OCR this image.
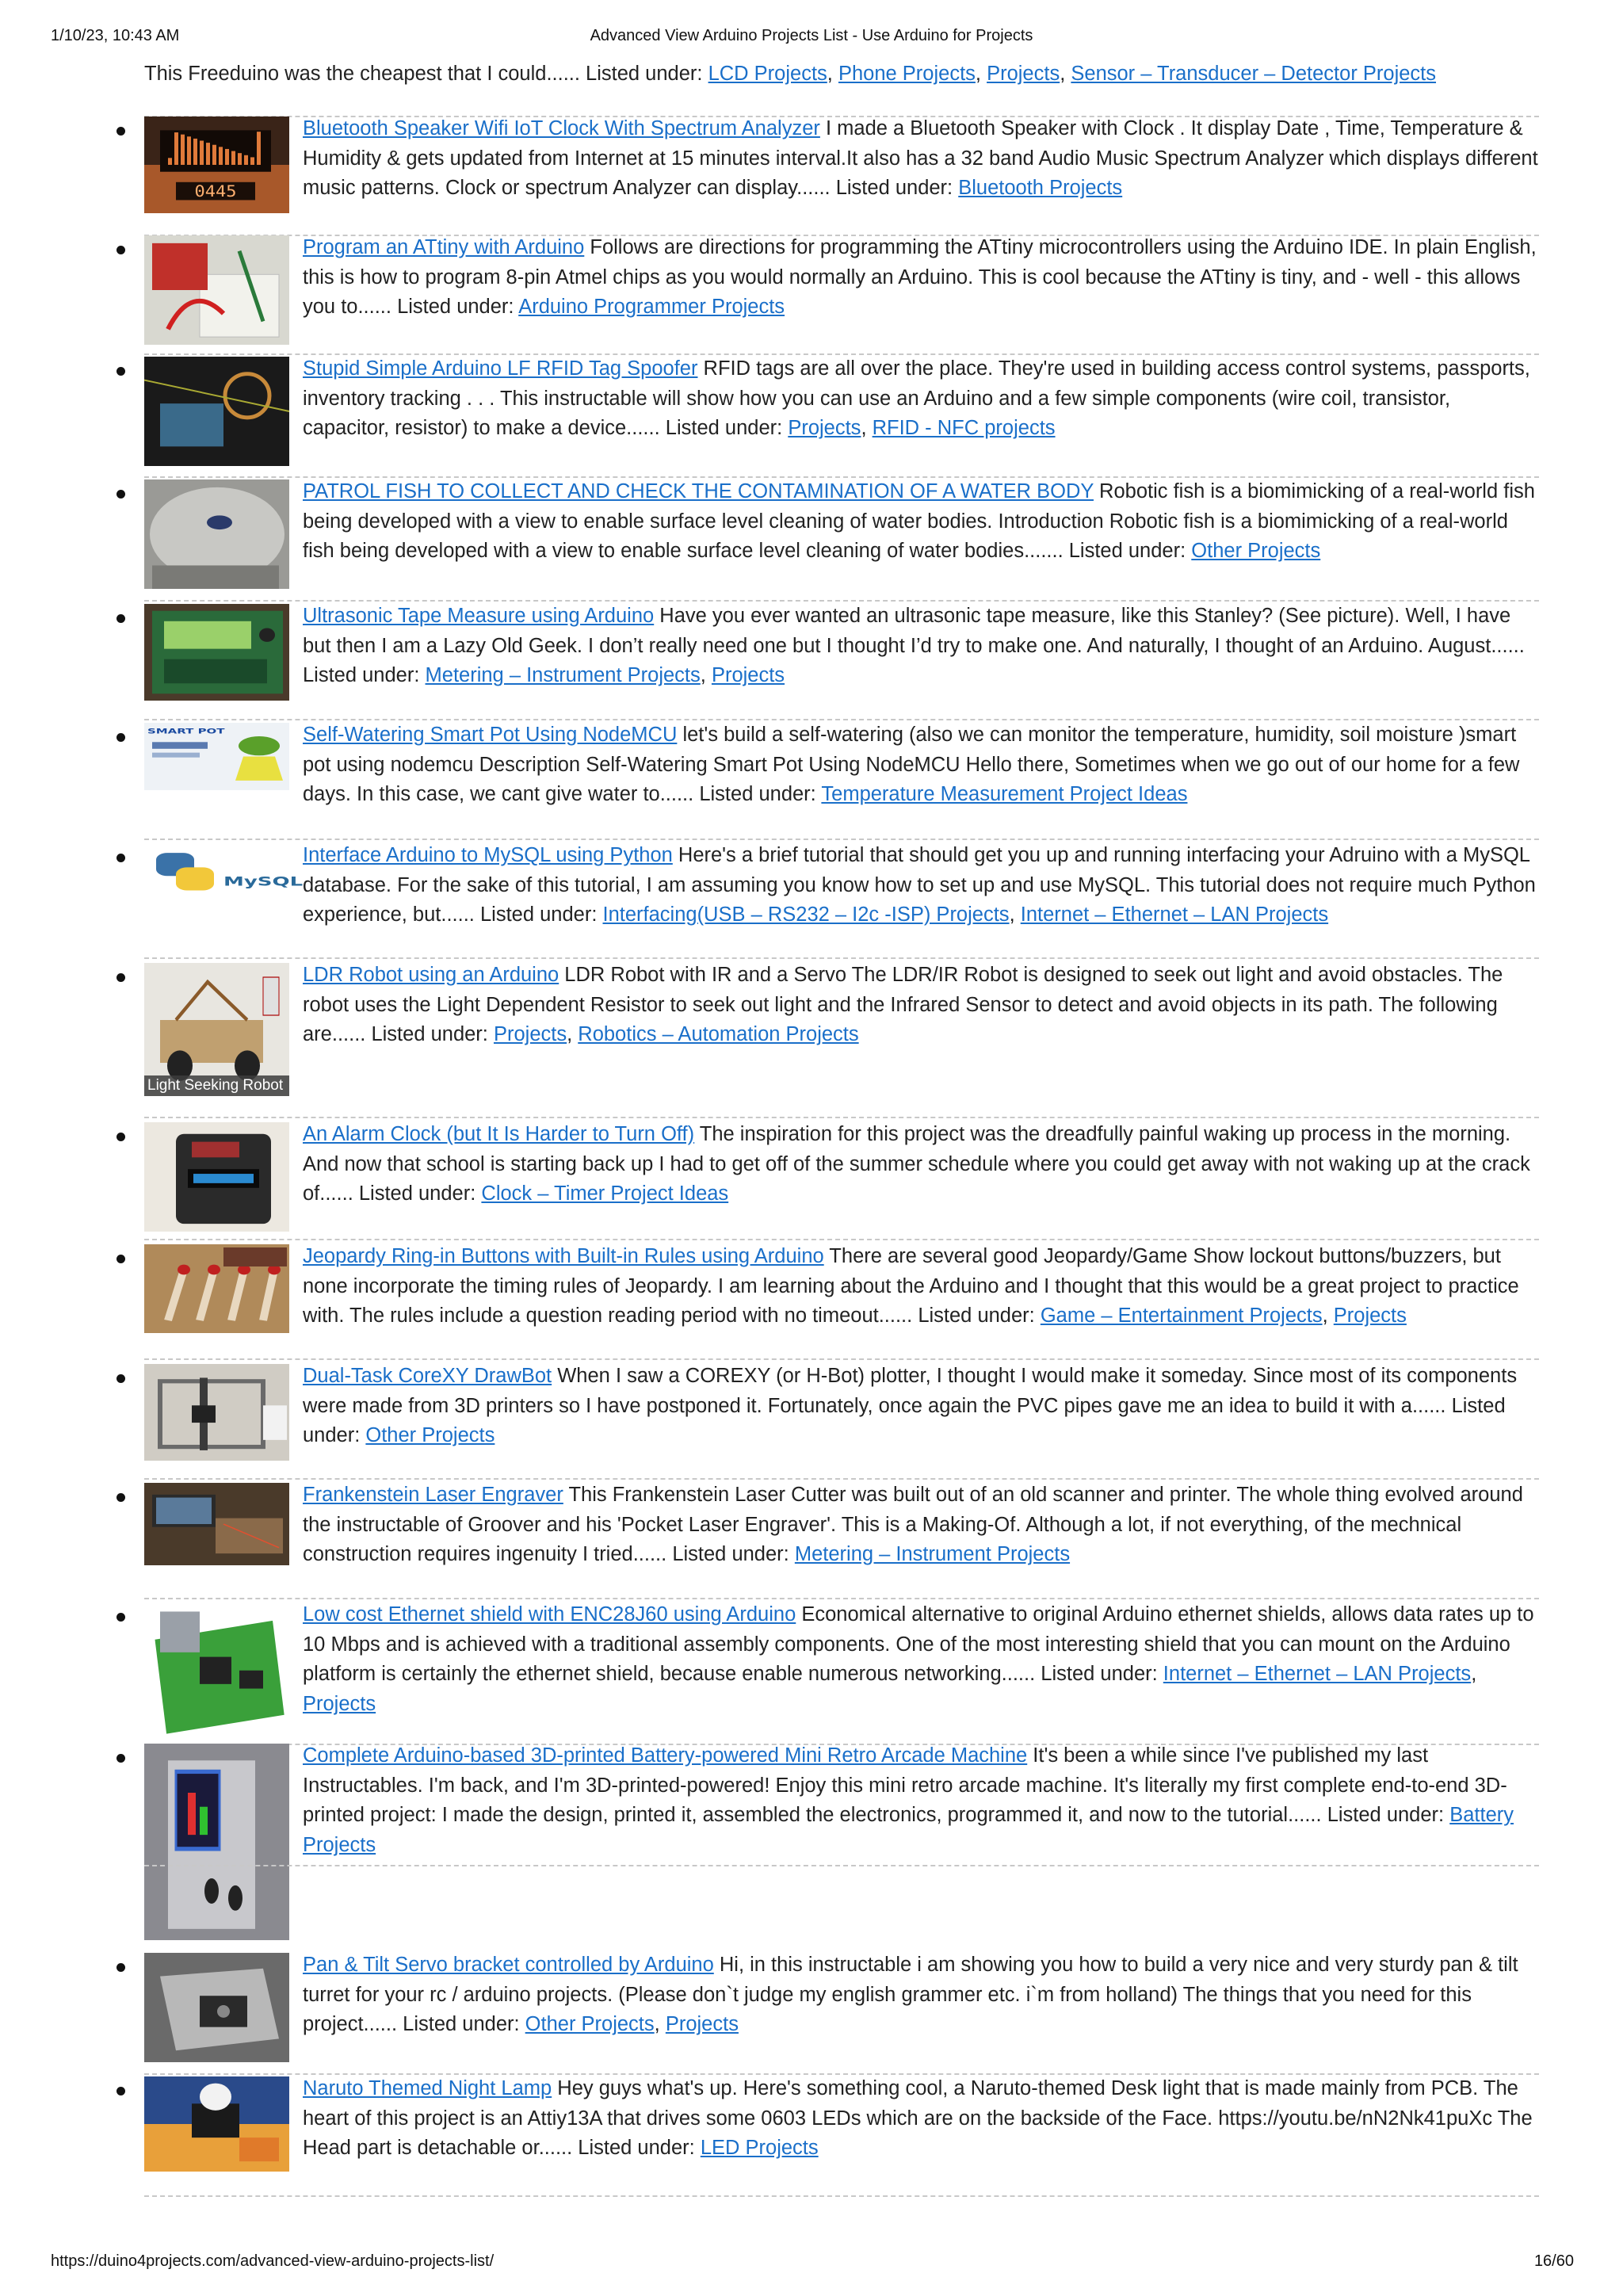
1/10/23, 10:43 AM	Advanced View Arduino Projects List - Use Arduino for Projects

This Freeduino was the cheapest that I could...... Listed under: LCD Projects, Phone Projects, Projects, Sensor – Transducer – Detector Projects

0445

Bluetooth Speaker Wifi IoT Clock With Spectrum Analyzer I made a Bluetooth Speaker with Clock . It display Date , Time, Temperature & Humidity & gets updated from Internet at 15 minutes interval.It also has a 32 band Audio Music Spectrum Analyzer which displays different music patterns. Clock or spectrum Analyzer can display...... Listed under: Bluetooth Projects

Program an ATtiny with Arduino Follows are directions for programming the ATtiny microcontrollers using the Arduino IDE. In plain English, this is how to program 8-pin Atmel chips as you would normally an Arduino. This is cool because the ATtiny is tiny, and - well - this allows you to...... Listed under: Arduino Programmer Projects

Stupid Simple Arduino LF RFID Tag Spoofer RFID tags are all over the place. They're used in building access control systems, passports, inventory tracking . . . This instructable will show how you can use an Arduino and a few simple components (wire coil, transistor, capacitor, resistor) to make a device...... Listed under: Projects, RFID - NFC projects

PATROL FISH TO COLLECT AND CHECK THE CONTAMINATION OF A WATER BODY Robotic fish is a biomimicking of a real-world fish being developed with a view to enable surface level cleaning of water bodies. Introduction Robotic fish is a biomimicking of a real-world fish being developed with a view to enable surface level cleaning of water bodies....... Listed under: Other Projects

Ultrasonic Tape Measure using Arduino Have you ever wanted an ultrasonic tape measure, like this Stanley? (See picture). Well, I have but then I am a Lazy Old Geek. I don’t really need one but I thought I’d try to make one. And naturally, I thought of an Arduino. August...... Listed under: Metering – Instrument Projects, Projects

SMART POT	Self-Watering Smart Pot Using NodeMCU let's build a self-watering (also we can monitor the temperature, humidity, soil moisture )smart pot using nodemcu Description Self-Watering Smart Pot Using NodeMCU Hello there, Sometimes when we go out of our home for a few days. In this case, we cant give water to...... Listed under: Temperature Measurement Project Ideas

MySQL

Interface Arduino to MySQL using Python Here's a brief tutorial that should get you up and running interfacing your Adruino with a MySQL database. For the sake of this tutorial, I am assuming you know how to set up and use MySQL. This tutorial does not require much Python experience, but...... Listed under: Interfacing(USB – RS232 – I2c -ISP) Projects, Internet – Ethernet – LAN Projects

Light Seeking Robot

LDR Robot using an Arduino LDR Robot with IR and a Servo The LDR/IR Robot is designed to seek out light and avoid obstacles. The robot uses the Light Dependent Resistor to seek out light and the Infrared Sensor to detect and avoid objects in its path. The following are...... Listed under: Projects, Robotics – Automation Projects

An Alarm Clock (but It Is Harder to Turn Off) The inspiration for this project was the dreadfully painful waking up process in the morning. And now that school is starting back up I had to get off of the summer schedule where you could get away with not waking up at the crack of...... Listed under: Clock – Timer Project Ideas

Jeopardy Ring-in Buttons with Built-in Rules using Arduino There are several good Jeopardy/Game Show lockout buttons/buzzers, but none incorporate the timing rules of Jeopardy. I am learning about the Arduino and I thought that this would be a great project to practice with. The rules include a question reading period with no timeout...... Listed under: Game – Entertainment Projects, Projects

Dual-Task CoreXY DrawBot When I saw a COREXY (or H-Bot) plotter, I thought I would make it someday. Since most of its components were made from 3D printers so I have postponed it. Fortunately, once again the PVC pipes gave me an idea to build it with a...... Listed under: Other Projects

Frankenstein Laser Engraver This Frankenstein Laser Cutter was built out of an old scanner and printer. The whole thing evolved around the instructable of Groover and his 'Pocket Laser Engraver'. This is a Making-Of. Although a lot, if not everything, of the mechnical construction requires ingenuity I tried...... Listed under: Metering – Instrument Projects

Low cost Ethernet shield with ENC28J60 using Arduino Economical alternative to original Arduino ethernet shields, allows data rates up to 10 Mbps and is achieved with a traditional assembly components. One of the most interesting shield that you can mount on the Arduino platform is certainly the ethernet shield, because enable numerous networking...... Listed under: Internet – Ethernet – LAN Projects, Projects

Complete Arduino-based 3D-printed Battery-powered Mini Retro Arcade Machine It's been a while since I've published my last Instructables. I'm back, and I'm 3D-printed-powered! Enjoy this mini retro arcade machine. It's literally my first complete end-to-end 3D-printed project: I made the design, printed it, assembled the electronics, programmed it, and now to the tutorial...... Listed under: Battery Projects

Pan & Tilt Servo bracket controlled by Arduino Hi, in this instructable i am showing you how to build a very nice and very sturdy pan & tilt turret for your rc / arduino projects. (Please don`t judge my english grammer etc. i`m from holland) The things that you need for this project...... Listed under: Other Projects, Projects

Naruto Themed Night Lamp Hey guys what's up. Here's something cool, a Naruto-themed Desk light that is made mainly from PCB. The heart of this project is an Attiy13A that drives some 0603 LEDs which are on the backside of the Face. https://youtu.be/nN2Nk41puXc The Head part is detachable or...... Listed under: LED Projects

https://duino4projects.com/advanced-view-arduino-projects-list/	16/60
